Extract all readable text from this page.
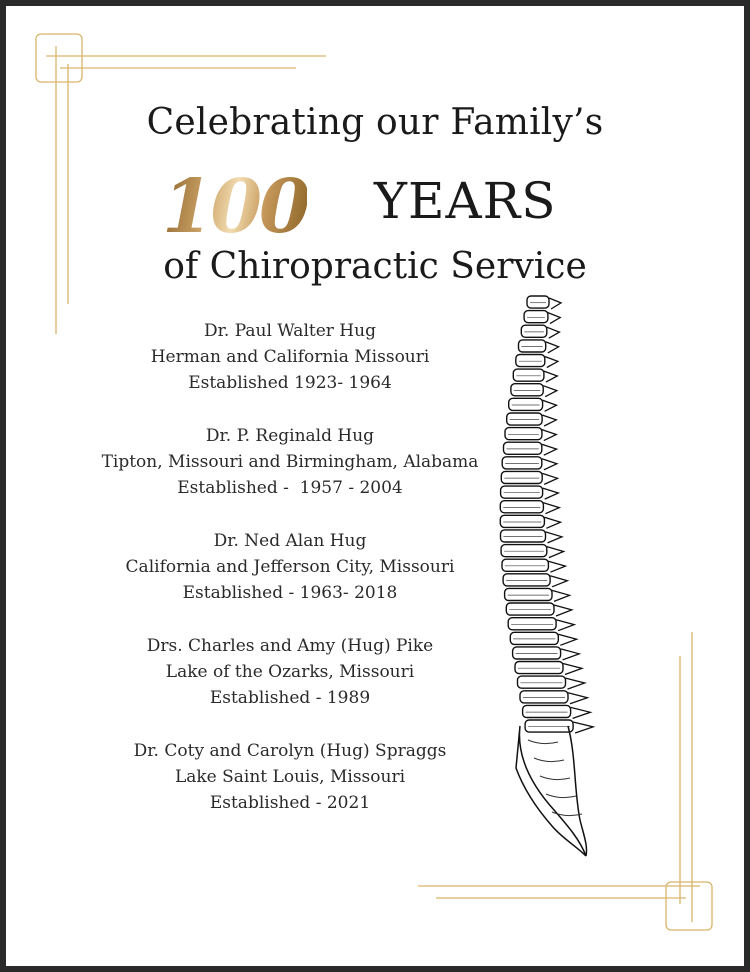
Celebrating our Family’s
100 YEARS
of Chiropractic Service
Dr. Paul Walter Hug
Herman and California Missouri
Established 1923- 1964
Dr. P. Reginald Hug
Tipton, Missouri and Birmingham, Alabama
Established -  1957 - 2004
Dr. Ned Alan Hug
California and Jefferson City, Missouri
Established - 1963- 2018
Drs. Charles and Amy (Hug) Pike
Lake of the Ozarks, Missouri
Established - 1989
Dr. Coty and Carolyn (Hug) Spraggs
Lake Saint Louis, Missouri
Established - 2021
